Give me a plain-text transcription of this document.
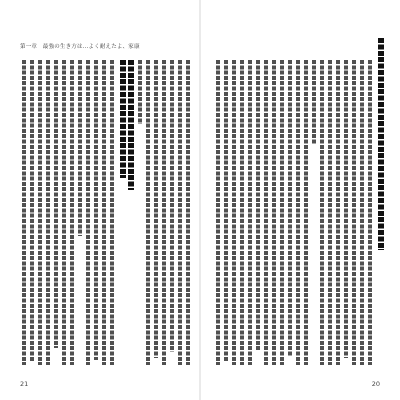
第一章　最強の生き方は…よく耐えたよ、家康
21	20
